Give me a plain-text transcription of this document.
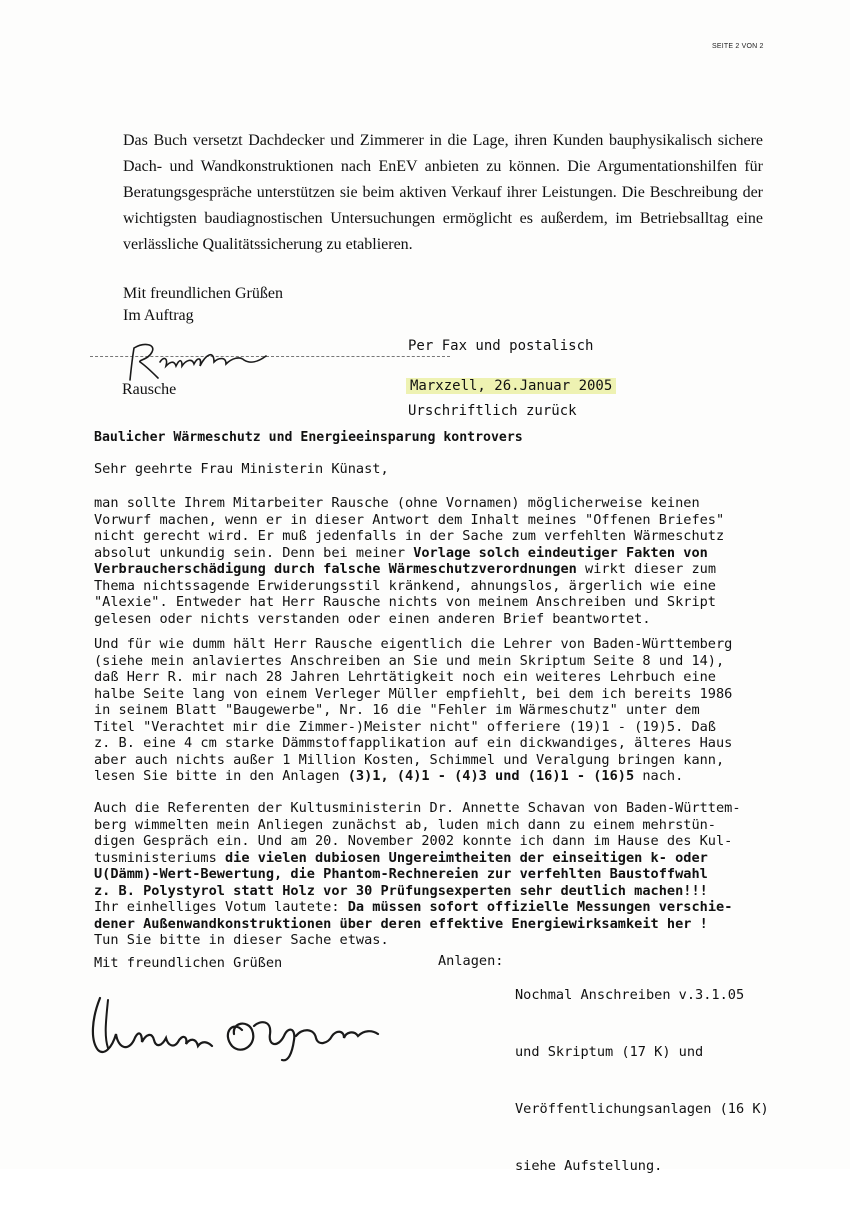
SEITE 2 VON 2
Das Buch versetzt Dachdecker und Zimmerer in die Lage, ihren Kunden bauphysikalisch sichere Dach- und Wandkonstruktionen nach EnEV anbieten zu können. Die Argumentationshilfen für Beratungsgespräche unterstützen sie beim aktiven Verkauf ihrer Leistungen. Die Beschreibung der wichtigsten baudiagnostischen Untersuchungen ermöglicht es außerdem, im Betriebsalltag eine verlässliche Qualitätssicherung zu etablieren.
Mit freundlichen Grüßen
Im Auftrag
Rausche
Per Fax und postalisch
Marxzell, 26.Januar 2005
Urschriftlich zurück
Baulicher Wärmeschutz und Energieeinsparung kontrovers
Sehr geehrte Frau Ministerin Künast,
man sollte Ihrem Mitarbeiter Rausche (ohne Vornamen) möglicherweise keinen
Vorwurf machen, wenn er in dieser Antwort dem Inhalt meines "Offenen Briefes"
nicht gerecht wird. Er muß jedenfalls in der Sache zum verfehlten Wärmeschutz
absolut unkundig sein. Denn bei meiner Vorlage solch eindeutiger Fakten von
Verbraucherschädigung durch falsche Wärmeschutzverordnungen wirkt dieser zum
Thema nichtssagende Erwiderungsstil kränkend, ahnungslos, ärgerlich wie eine
"Alexie". Entweder hat Herr Rausche nichts von meinem Anschreiben und Skript
gelesen oder nichts verstanden oder einen anderen Brief beantwortet.
Und für wie dumm hält Herr Rausche eigentlich die Lehrer von Baden-Württemberg
(siehe mein anlaviertes Anschreiben an Sie und mein Skriptum Seite 8 und 14),
daß Herr R. mir nach 28 Jahren Lehrtätigkeit noch ein weiteres Lehrbuch eine
halbe Seite lang von einem Verleger Müller empfiehlt, bei dem ich bereits 1986
in seinem Blatt "Baugewerbe", Nr. 16 die "Fehler im Wärmeschutz" unter dem
Titel "Verachtet mir die Zimmer-)Meister nicht" offeriere (19)1 - (19)5. Daß
z. B. eine 4 cm starke Dämmstoffapplikation auf ein dickwandiges, älteres Haus
aber auch nichts außer 1 Million Kosten, Schimmel und Veralgung bringen kann,
lesen Sie bitte in den Anlagen (3)1, (4)1 - (4)3 und (16)1 - (16)5 nach.
Auch die Referenten der Kultusministerin Dr. Annette Schavan von Baden-Württem-
berg wimmelten mein Anliegen zunächst ab, luden mich dann zu einem mehrstün-
digen Gespräch ein. Und am 20. November 2002 konnte ich dann im Hause des Kul-
tusministeriums die vielen dubiosen Ungereimtheiten der einseitigen k- oder
U(Dämm)-Wert-Bewertung, die Phantom-Rechnereien zur verfehlten Baustoffwahl
z. B. Polystyrol statt Holz vor 30 Prüfungsexperten sehr deutlich machen!!!
Ihr einhelliges Votum lautete: Da müssen sofort offizielle Messungen verschie-
dener Außenwandkonstruktionen über deren effektive Energiewirksamkeit her !
Tun Sie bitte in dieser Sache etwas.
Mit freundlichen Grüßen	Anlagen:

Nochmal Anschreiben v.3.1.05

und Skriptum (17 K) und

Veröffentlichungsanlagen (16 K)

siehe Aufstellung.
